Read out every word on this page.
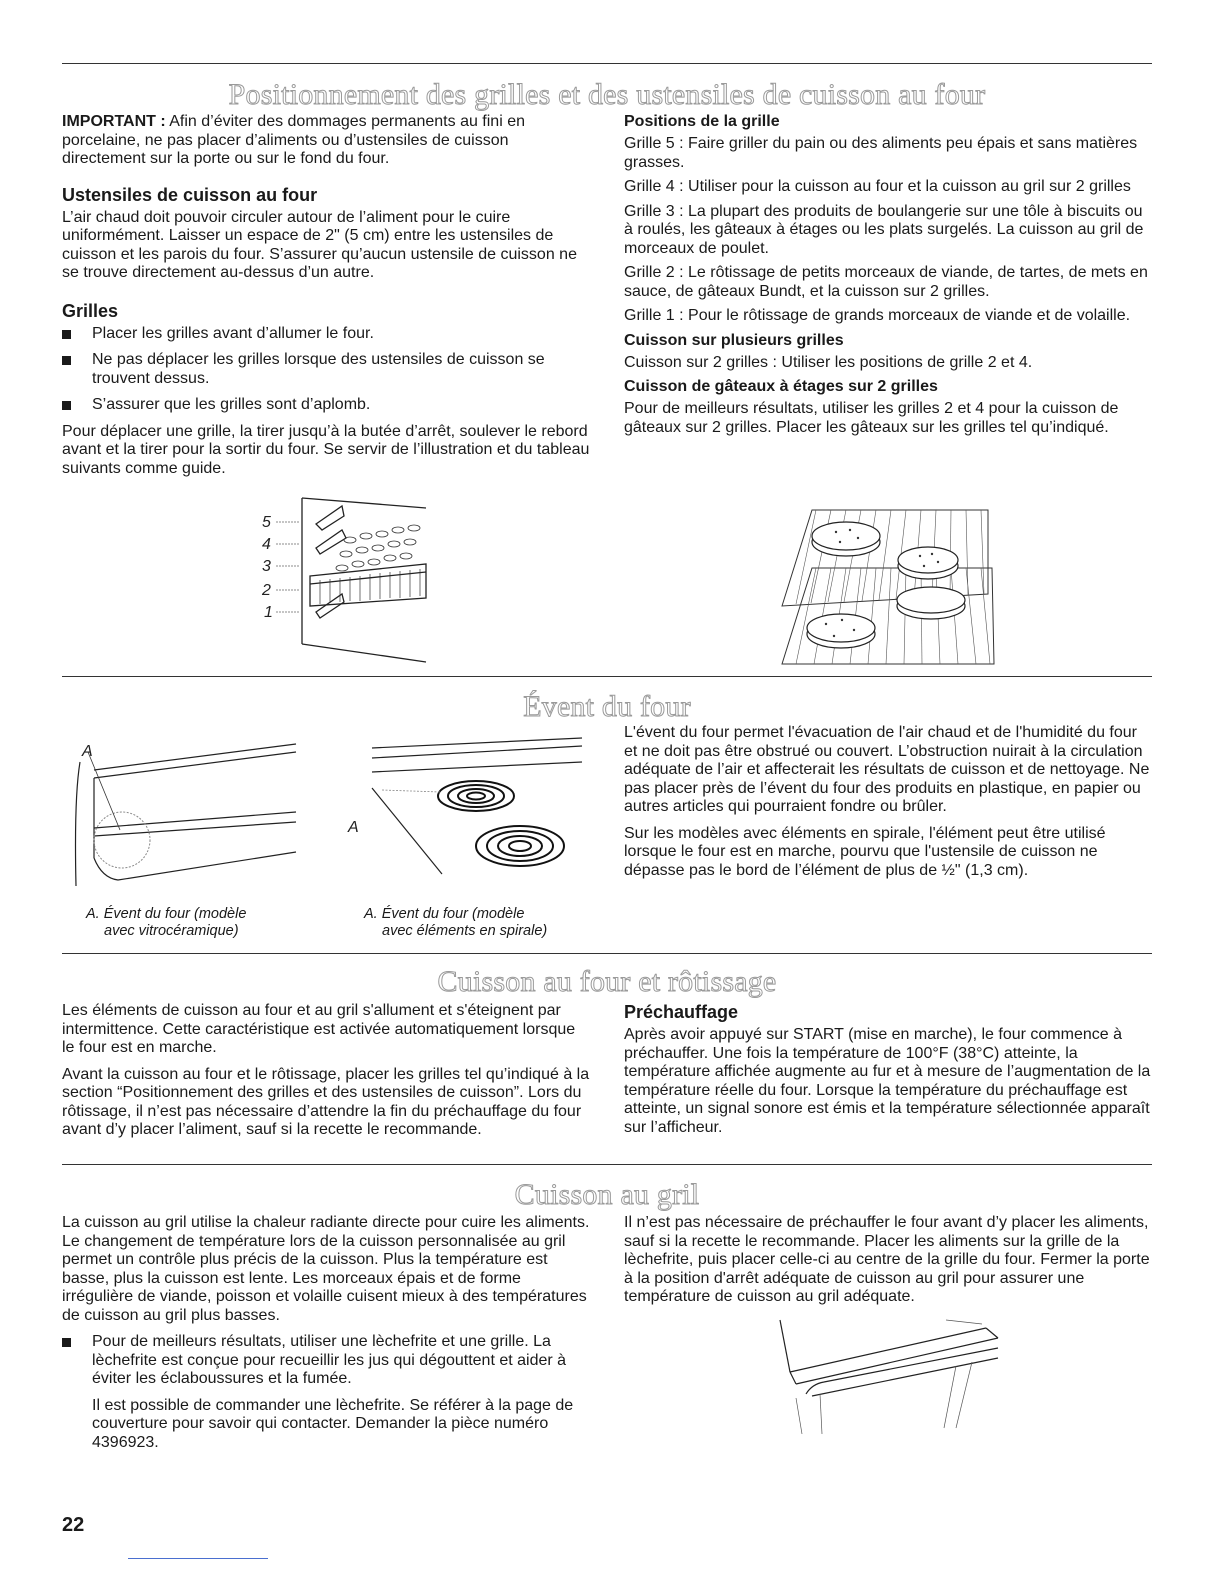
Positionnement des grilles et des ustensiles de cuisson au four

IMPORTANT : Afin d’éviter des dommages permanents au fini en porcelaine, ne pas placer d’aliments ou d’ustensiles de cuisson directement sur la porte ou sur le fond du four.

Ustensiles de cuisson au four

L’air chaud doit pouvoir circuler autour de l’aliment pour le cuire uniformément. Laisser un espace de 2" (5 cm) entre les ustensiles de cuisson et les parois du four. S’assurer qu’aucun ustensile de cuisson ne se trouve directement au-dessus d’un autre.

Grilles
Placer les grilles avant d’allumer le four.
Ne pas déplacer les grilles lorsque des ustensiles de cuisson se trouvent dessus.
S’assurer que les grilles sont d’aplomb.

Pour déplacer une grille, la tirer jusqu’à la butée d’arrêt, soulever le rebord avant et la tirer pour la sortir du four. Se servir de l’illustration et du tableau suivants comme guide.

5
4
3
2
1
Positions de la grille

Grille 5 : Faire griller du pain ou des aliments peu épais et sans matières grasses.

Grille 4 : Utiliser pour la cuisson au four et la cuisson au gril sur 2 grilles

Grille 3 : La plupart des produits de boulangerie sur une tôle à biscuits ou à roulés, les gâteaux à étages ou les plats surgelés. La cuisson au gril de morceaux de poulet.

Grille 2 : Le rôtissage de petits morceaux de viande, de tartes, de mets en sauce, de gâteaux Bundt, et la cuisson sur 2 grilles.

Grille 1 : Pour le rôtissage de grands morceaux de viande et de volaille.

Cuisson sur plusieurs grilles

Cuisson sur 2 grilles : Utiliser les positions de grille 2 et 4.

Cuisson de gâteaux à étages sur 2 grilles

Pour de meilleurs résultats, utiliser les grilles 2 et 4 pour la cuisson de gâteaux sur 2 grilles. Placer les gâteaux sur les grilles tel qu’indiqué.

Évent du four
A
A. Évent du four (modèle
avec vitrocéramique)
A
A. Évent du four (modèle
avec éléments en spirale)

L'évent du four permet l'évacuation de l'air chaud et de l'humidité du four et ne doit pas être obstrué ou couvert. L’obstruction nuirait à la circulation adéquate de l’air et affecterait les résultats de cuisson et de nettoyage. Ne pas placer près de l’évent du four des produits en plastique, en papier ou autres articles qui pourraient fondre ou brûler.

Sur les modèles avec éléments en spirale, l'élément peut être utilisé lorsque le four est en marche, pourvu que l'ustensile de cuisson ne dépasse pas le bord de l’élément de plus de ½" (1,3 cm).

Cuisson au four et rôtissage

Les éléments de cuisson au four et au gril s'allument et s'éteignent par intermittence. Cette caractéristique est activée automatiquement lorsque le four est en marche.

Avant la cuisson au four et le rôtissage, placer les grilles tel qu’indiqué à la section “Positionnement des grilles et des ustensiles de cuisson”. Lors du rôtissage, il n’est pas nécessaire d’attendre la fin du préchauffage du four avant d’y placer l’aliment, sauf si la recette le recommande.

Préchauffage

Après avoir appuyé sur START (mise en marche), le four commence à préchauffer. Une fois la température de 100°F (38°C) atteinte, la température affichée augmente au fur et à mesure de l’augmentation de la température réelle du four. Lorsque la température du préchauffage est atteinte, un signal sonore est émis et la température sélectionnée apparaît sur l’afficheur.

Cuisson au gril

La cuisson au gril utilise la chaleur radiante directe pour cuire les aliments. Le changement de température lors de la cuisson personnalisée au gril permet un contrôle plus précis de la cuisson. Plus la température est basse, plus la cuisson est lente. Les morceaux épais et de forme irrégulière de viande, poisson et volaille cuisent mieux à des températures de cuisson au gril plus basses.

Pour de meilleurs résultats, utiliser une lèchefrite et une grille. La lèchefrite est conçue pour recueillir les jus qui dégouttent et aider à éviter les éclaboussures et la fumée.

Il est possible de commander une lèchefrite. Se référer à la page de couverture pour savoir qui contacter. Demander la pièce numéro 4396923.

Il n’est pas nécessaire de préchauffer le four avant d’y placer les aliments, sauf si la recette le recommande. Placer les aliments sur la grille de la lèchefrite, puis placer celle-ci au centre de la grille du four. Fermer la porte à la position d'arrêt adéquate de cuisson au gril pour assurer une température de cuisson au gril adéquate.

22
